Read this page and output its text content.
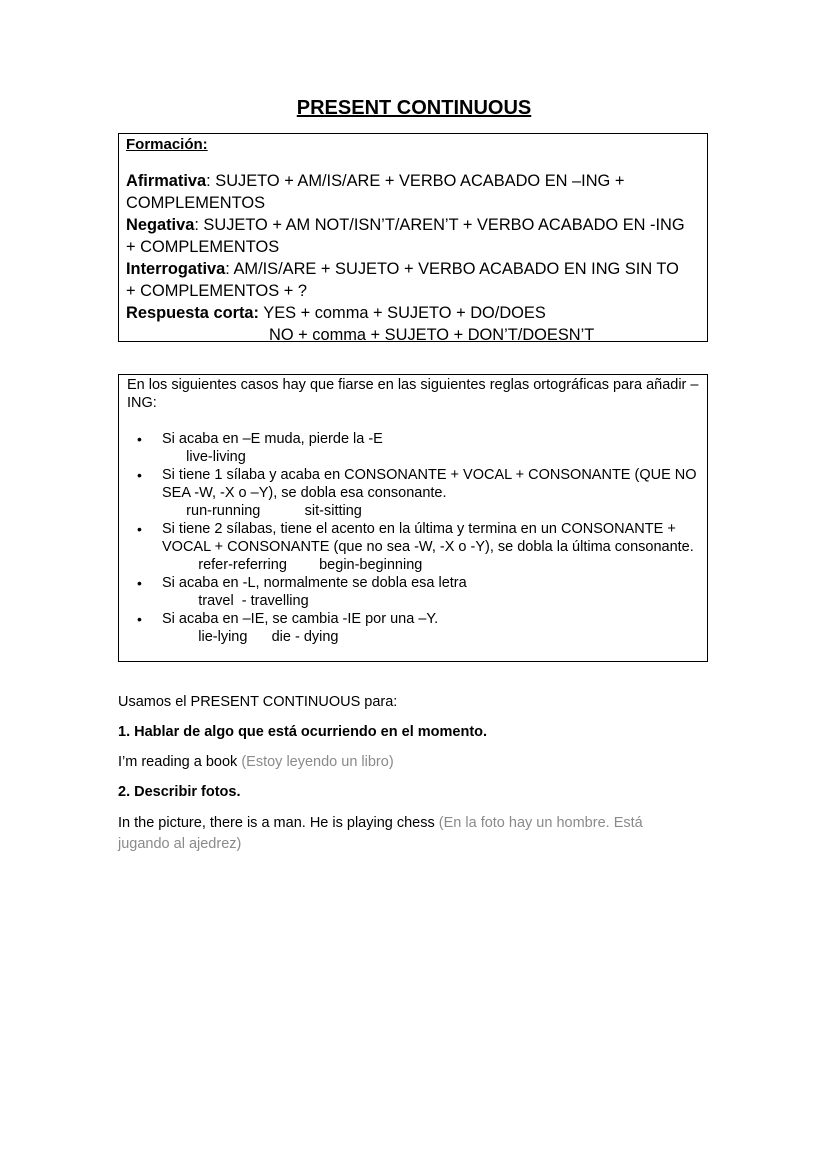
PRESENT CONTINUOUS
Formación:
Afirmativa: SUJETO + AM/IS/ARE + VERBO ACABADO EN –ING +
COMPLEMENTOS
Negativa: SUJETO + AM NOT/ISN’T/AREN’T + VERBO ACABADO EN -ING
+ COMPLEMENTOS
Interrogativa: AM/IS/ARE + SUJETO + VERBO ACABADO EN ING SIN TO
+ COMPLEMENTOS + ?
Respuesta corta: YES + comma + SUJETO + DO/DOES
NO + comma + SUJETO + DON’T/DOESN’T
En los siguientes casos hay que fiarse en las siguientes reglas ortográficas para añadir –ING:
• Si acaba en –E muda, pierde la -E
live-living
• Si tiene 1 sílaba y acaba en CONSONANTE + VOCAL + CONSONANTE (QUE NO SEA -W, -X o –Y), se dobla esa consonante.
run-running           sit-sitting
• Si tiene 2 sílabas, tiene el acento en la última y termina en un CONSONANTE + VOCAL + CONSONANTE (que no sea -W, -X o -Y), se dobla la última consonante.
refer-referring        begin-beginning
• Si acaba en -L, normalmente se dobla esa letra
travel  - travelling
• Si acaba en –IE, se cambia -IE por una –Y.
lie-lying      die - dying
Usamos el PRESENT CONTINUOUS para:
1. Hablar de algo que está ocurriendo en el momento.
I’m reading a book (Estoy leyendo un libro)
2. Describir fotos.
In the picture, there is a man. He is playing chess (En la foto hay un hombre. Está jugando al ajedrez)
